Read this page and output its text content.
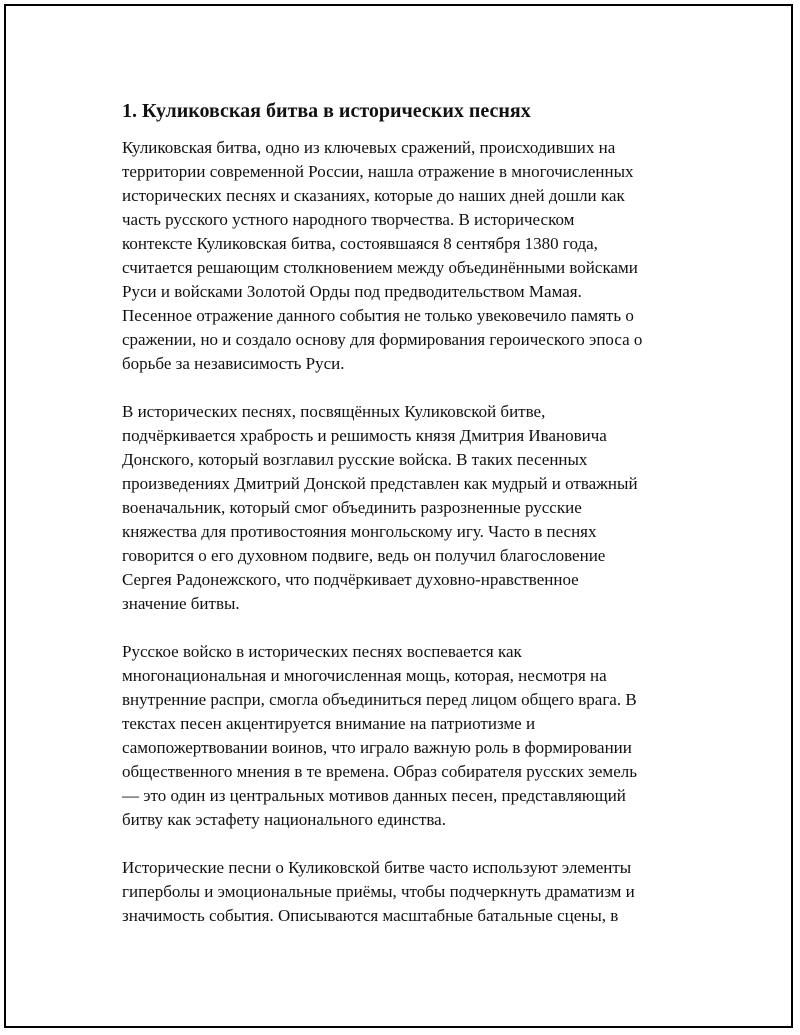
1. Куликовская битва в исторических песнях

Куликовская битва, одно из ключевых сражений, происходивших на
территории современной России, нашла отражение в многочисленных
исторических песнях и сказаниях, которые до наших дней дошли как
часть русского устного народного творчества. В историческом
контексте Куликовская битва, состоявшаяся 8 сентября 1380 года,
считается решающим столкновением между объединёнными войсками
Руси и войсками Золотой Орды под предводительством Мамая.
Песенное отражение данного события не только увековечило память о
сражении, но и создало основу для формирования героического эпоса о
борьбе за независимость Руси.

В исторических песнях, посвящённых Куликовской битве,
подчёркивается храбрость и решимость князя Дмитрия Ивановича
Донского, который возглавил русские войска. В таких песенных
произведениях Дмитрий Донской представлен как мудрый и отважный
военачальник, который смог объединить разрозненные русские
княжества для противостояния монгольскому игу. Часто в песнях
говорится о его духовном подвиге, ведь он получил благословение
Сергея Радонежского, что подчёркивает духовно-нравственное
значение битвы.

Русское войско в исторических песнях воспевается как
многонациональная и многочисленная мощь, которая, несмотря на
внутренние распри, смогла объединиться перед лицом общего врага. В
текстах песен акцентируется внимание на патриотизме и
самопожертвовании воинов, что играло важную роль в формировании
общественного мнения в те времена. Образ собирателя русских земель
— это один из центральных мотивов данных песен, представляющий
битву как эстафету национального единства.

Исторические песни о Куликовской битве часто используют элементы
гиперболы и эмоциональные приёмы, чтобы подчеркнуть драматизм и
значимость события. Описываются масштабные батальные сцены, в
